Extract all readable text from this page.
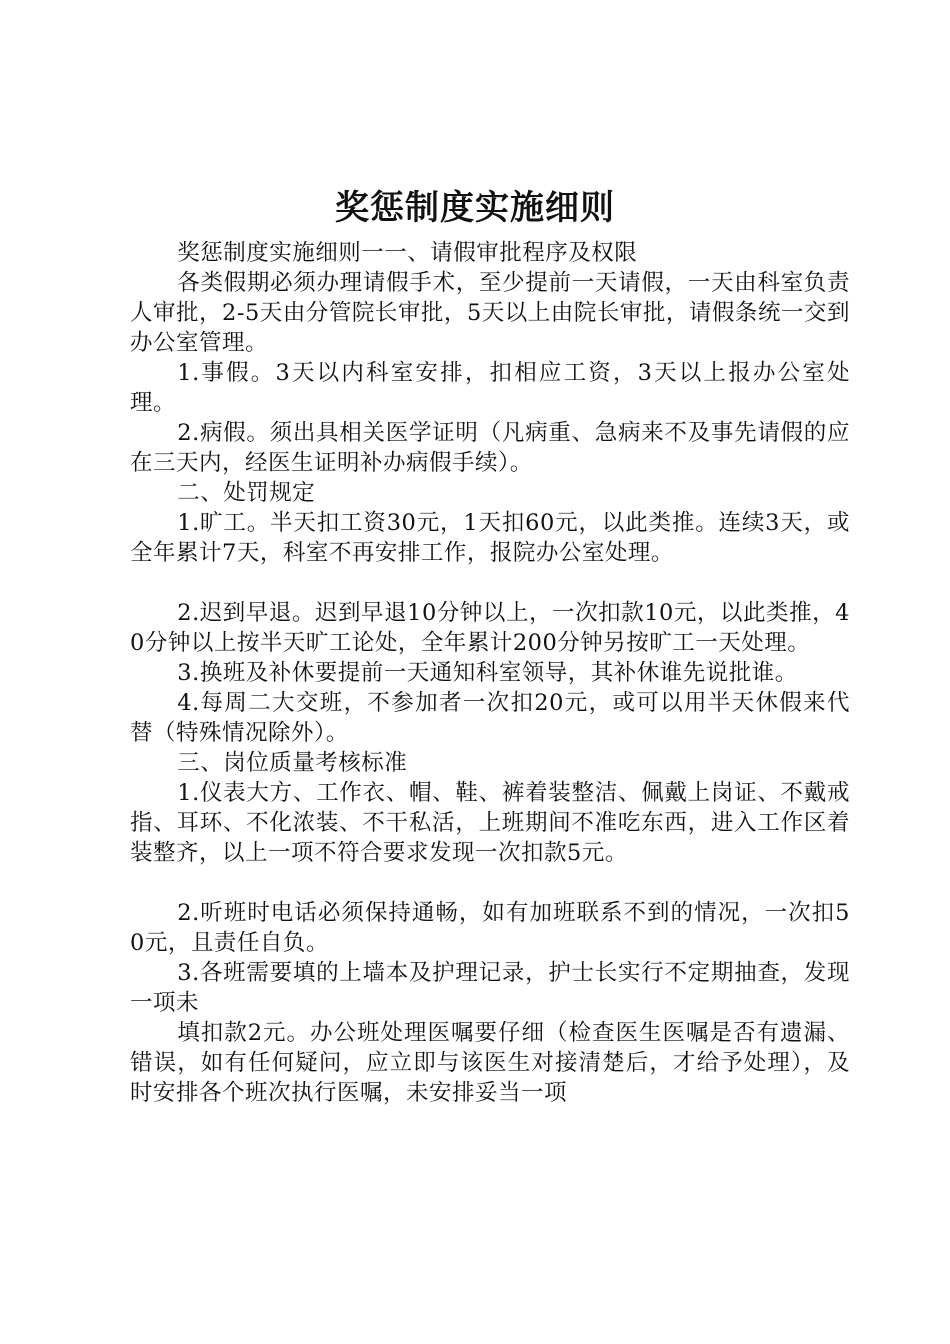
奖惩制度实施细则

奖惩制度实施细则一一、请假审批程序及权限

各类假期必须办理请假手术，至少提前一天请假，一天由科室负责人审批，2-5天由分管院长审批，5天以上由院长审批，请假条统一交到办公室管理。

1.事假。3天以内科室安排，扣相应工资，3天以上报办公室处理。

2.病假。须出具相关医学证明（凡病重、急病来不及事先请假的应在三天内，经医生证明补办病假手续）。

二、处罚规定

1.旷工。半天扣工资30元，1天扣60元，以此类推。连续3天，或全年累计7天，科室不再安排工作，报院办公室处理。

2.迟到早退。迟到早退10分钟以上，一次扣款10元，以此类推，40分钟以上按半天旷工论处，全年累计200分钟另按旷工一天处理。

3.换班及补休要提前一天通知科室领导，其补休谁先说批谁。

4.每周二大交班，不参加者一次扣20元，或可以用半天休假来代替（特殊情况除外）。

三、岗位质量考核标准

1.仪表大方、工作衣、帽、鞋、裤着装整洁、佩戴上岗证、不戴戒指、耳环、不化浓装、不干私活，上班期间不准吃东西，进入工作区着装整齐，以上一项不符合要求发现一次扣款5元。

2.听班时电话必须保持通畅，如有加班联系不到的情况，一次扣50元，且责任自负。

3.各班需要填的上墙本及护理记录，护士长实行不定期抽查，发现一项未

填扣款2元。办公班处理医嘱要仔细（检查医生医嘱是否有遗漏、错误，如有任何疑问，应立即与该医生对接清楚后，才给予处理），及时安排各个班次执行医嘱，未安排妥当一项
